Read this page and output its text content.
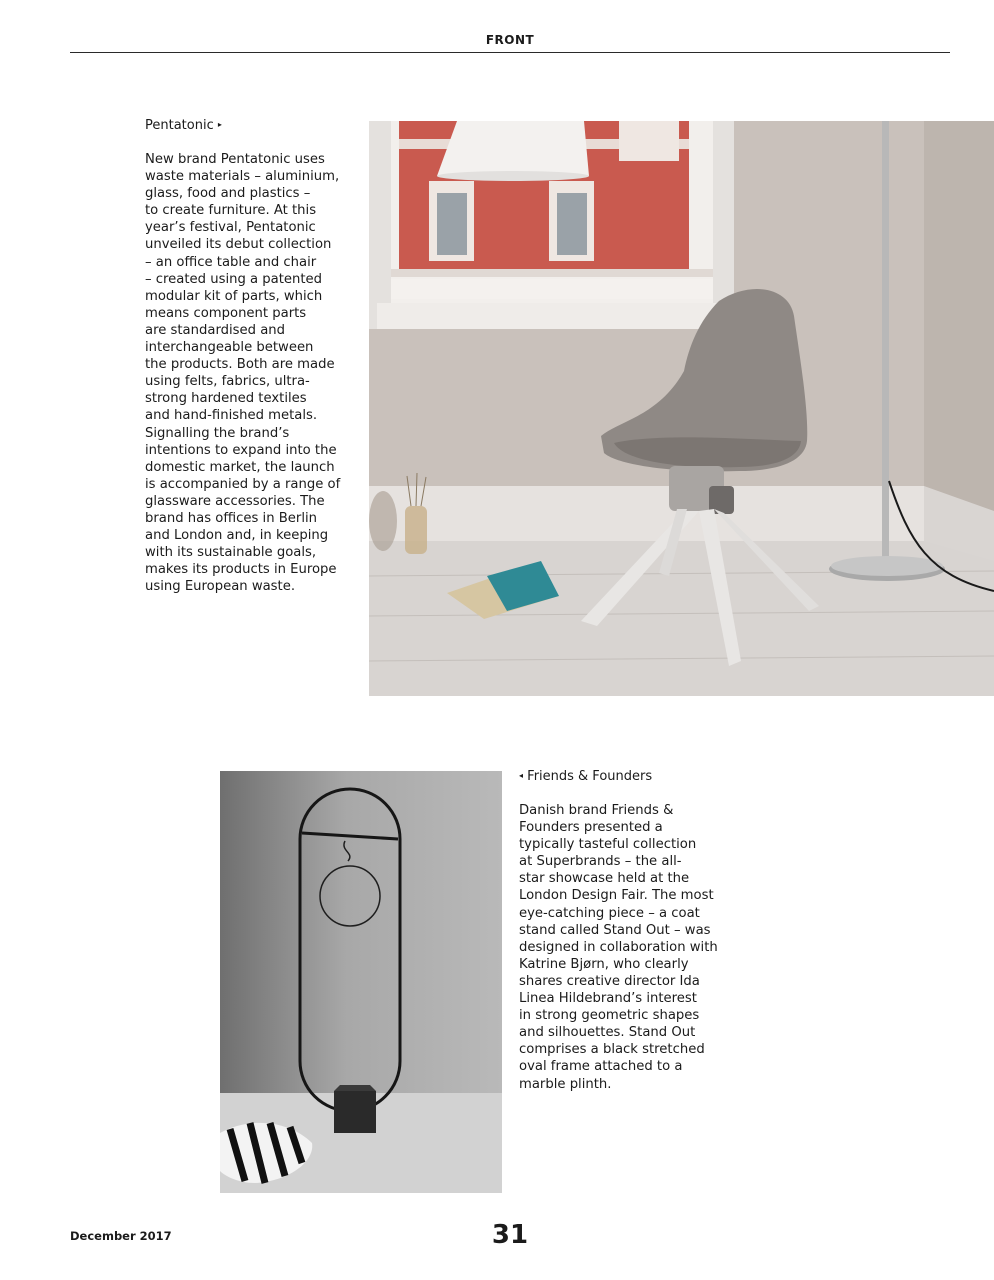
FRONT
Pentatonic ▸

New brand Pentatonic uses
waste materials – aluminium,
glass, food and plastics –
to create furniture. At this
year’s festival, Pentatonic
unveiled its debut collection
– an office table and chair
– created using a patented
modular kit of parts, which
means component parts
are standardised and
interchangeable between
the products. Both are made
using felts, fabrics, ultra-
strong hardened textiles
and hand-finished metals.
Signalling the brand’s
intentions to expand into the
domestic market, the launch
is accompanied by a range of
glassware accessories. The
brand has offices in Berlin
and London and, in keeping
with its sustainable goals,
makes its products in Europe
using European waste.

◂ Friends & Founders

Danish brand Friends &
Founders presented a
typically tasteful collection
at Superbrands – the all-
star showcase held at the
London Design Fair. The most
eye-catching piece – a coat
stand called Stand Out – was
designed in collaboration with
Katrine Bjørn, who clearly
shares creative director Ida
Linea Hildebrand’s interest
in strong geometric shapes
and silhouettes. Stand Out
comprises a black stretched
oval frame attached to a
marble plinth.

December 2017	31
